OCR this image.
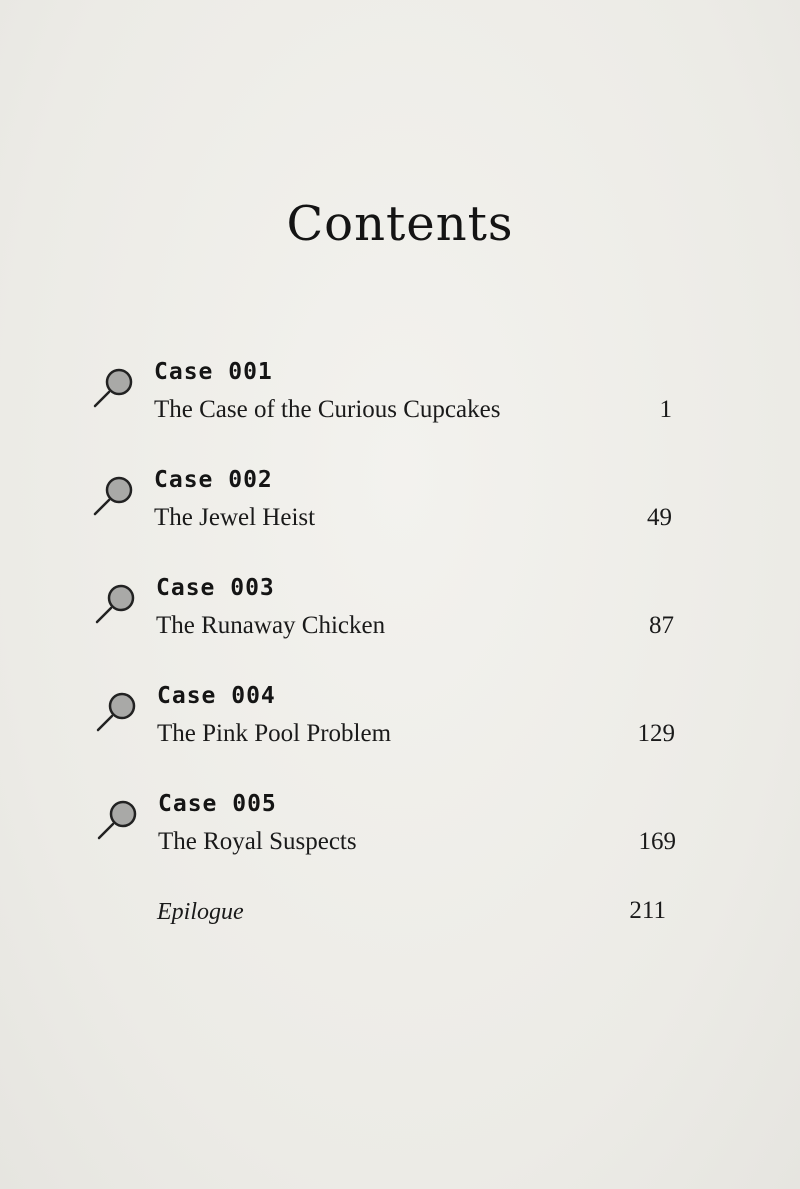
Contents
Case 001
The Case of the Curious Cupcakes	1
Case 002
The Jewel Heist	49
Case 003
The Runaway Chicken	87
Case 004
The Pink Pool Problem	129
Case 005
The Royal Suspects	169
Epilogue	211
